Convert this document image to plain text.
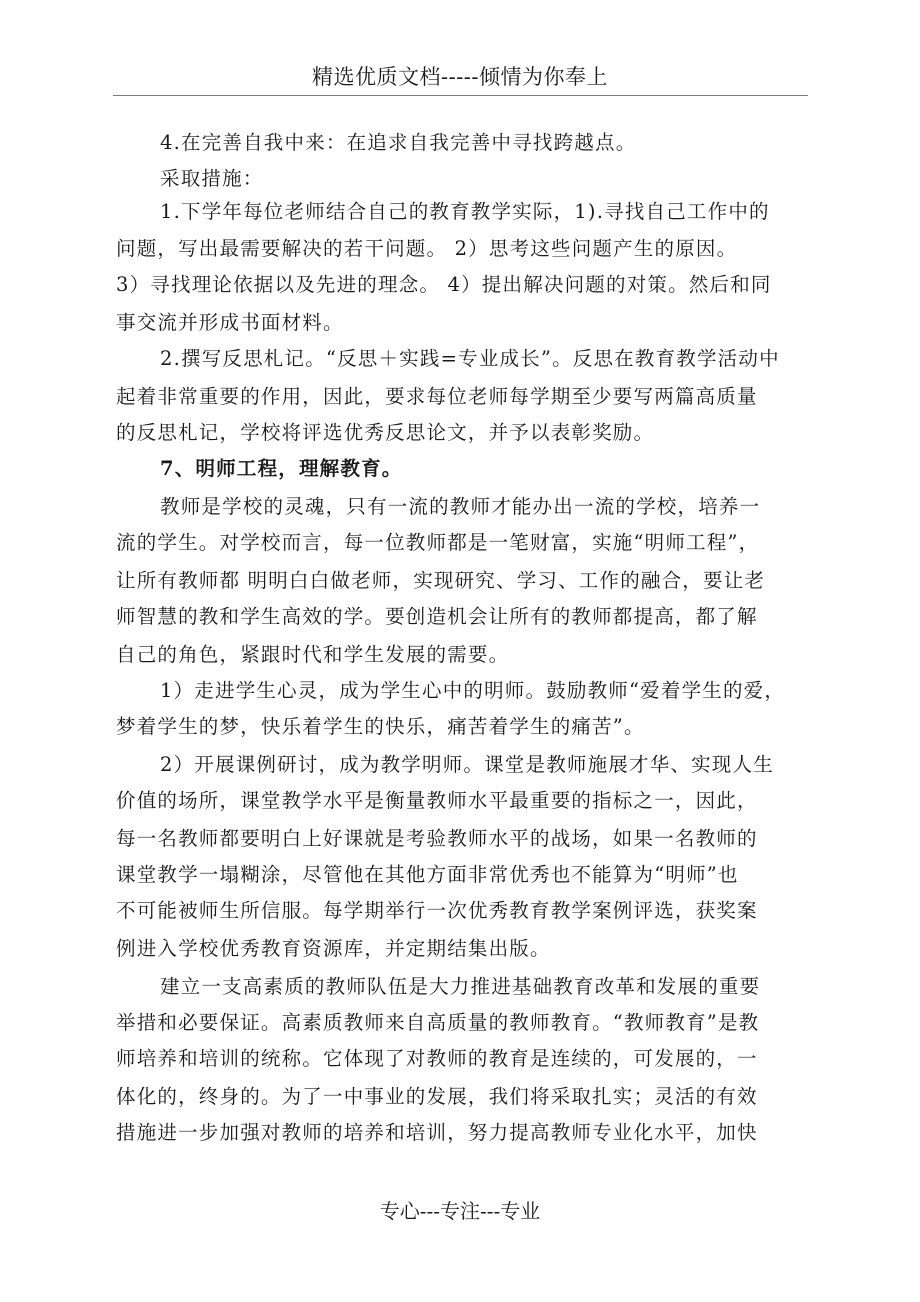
精选优质文档-----倾情为你奉上
4.在完善自我中来：在追求自我完善中寻找跨越点。
采取措施：
1.下学年每位老师结合自己的教育教学实际，1).寻找自己工作中的
问题，写出最需要解决的若干问题。 2）思考这些问题产生的原因。
3）寻找理论依据以及先进的理念。 4）提出解决问题的对策。然后和同
事交流并形成书面材料。
2.撰写反思札记。“反思＋实践=专业成长”。反思在教育教学活动中
起着非常重要的作用，因此，要求每位老师每学期至少要写两篇高质量
的反思札记，学校将评选优秀反思论文，并予以表彰奖励。
7、明师工程，理解教育。
教师是学校的灵魂，只有一流的教师才能办出一流的学校，培养一
流的学生。对学校而言，每一位教师都是一笔财富，实施“明师工程”，
让所有教师都 明明白白做老师，实现研究、学习、工作的融合，要让老
师智慧的教和学生高效的学。要创造机会让所有的教师都提高，都了解
自己的角色，紧跟时代和学生发展的需要。
1）走进学生心灵，成为学生心中的明师。鼓励教师“爱着学生的爱，
梦着学生的梦，快乐着学生的快乐，痛苦着学生的痛苦”。
2）开展课例研讨，成为教学明师。课堂是教师施展才华、实现人生
价值的场所，课堂教学水平是衡量教师水平最重要的指标之一，因此，
每一名教师都要明白上好课就是考验教师水平的战场，如果一名教师的
课堂教学一塌糊涂，尽管他在其他方面非常优秀也不能算为“明师”也
不可能被师生所信服。每学期举行一次优秀教育教学案例评选，获奖案
例进入学校优秀教育资源库，并定期结集出版。
建立一支高素质的教师队伍是大力推进基础教育改革和发展的重要
举措和必要保证。高素质教师来自高质量的教师教育。“教师教育”是教
师培养和培训的统称。它体现了对教师的教育是连续的，可发展的，一
体化的，终身的。为了一中事业的发展，我们将采取扎实；灵活的有效
措施进一步加强对教师的培养和培训，努力提高教师专业化水平，加快
专心---专注---专业
